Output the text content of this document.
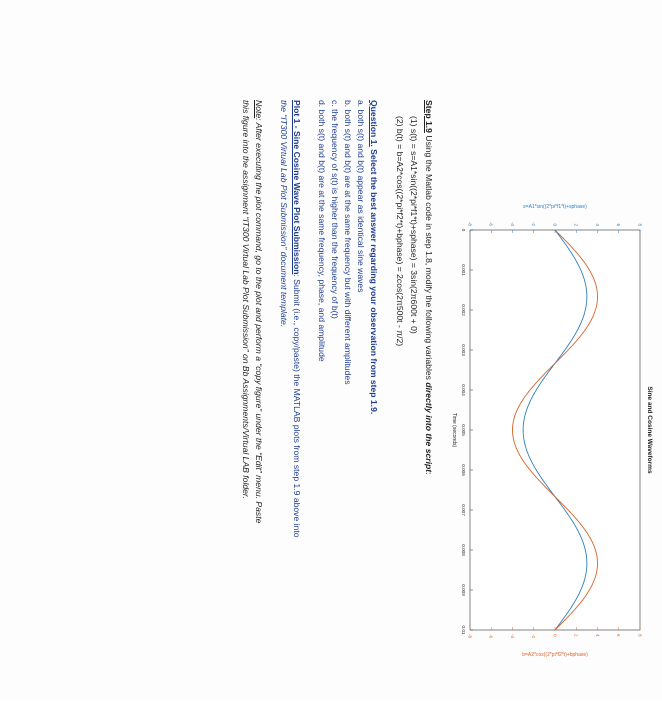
Sine and Cosine Waveforms
0
0.001
0.002
0.003
0.004
0.005
0.006
0.007
0.008
0.009
0.01
-8	-6	-4	-2	0	2	4	6	8
-8	-6	-4	-2	0	2	4	6	8
Time (seconds)
s=A1*sin((2*pi*f1*t)+sphase)
b=A2*cos((2*pi*f2*t)+bphase)
Step 1.9 Using the Matlab code in step 1.8, modify the following variables directly into the script:
(1) s(t) = s=A1*sin((2*pi*f1*t)+sphase) = 3sin(2π600t + 0)
(2) b(t) = b=A2*cos((2*pi*f2*t)+bphase) = 2cos(2π500t - π/2)
Question 1. Select the best answer regarding your observation from step 1.9.
a. both s(t) and b(t) appear as identical sine waves
b. both s(t) and b(t) are at the same frequency but with different amplitudes
c. the frequency of s(t) is higher than the frequency of b(t)
d. both s(t) and b(t) are at the same frequency, phase, and amplitude
Plot 1 - Sine Cosine Wave Plot Submission: Submit (i.e., copy/paste) the MATLAB plots from step 1.9 above into
the “IT300 Virtual Lab Plot Submission” document template.
Note: After executing the plot command, go to the plot and perform a “copy figure” under the “Edit” menu. Paste
this figure into the assignment “IT300 Virtual Lab Plot Submission” on Bb Assignments/Virtual LAB folder.
